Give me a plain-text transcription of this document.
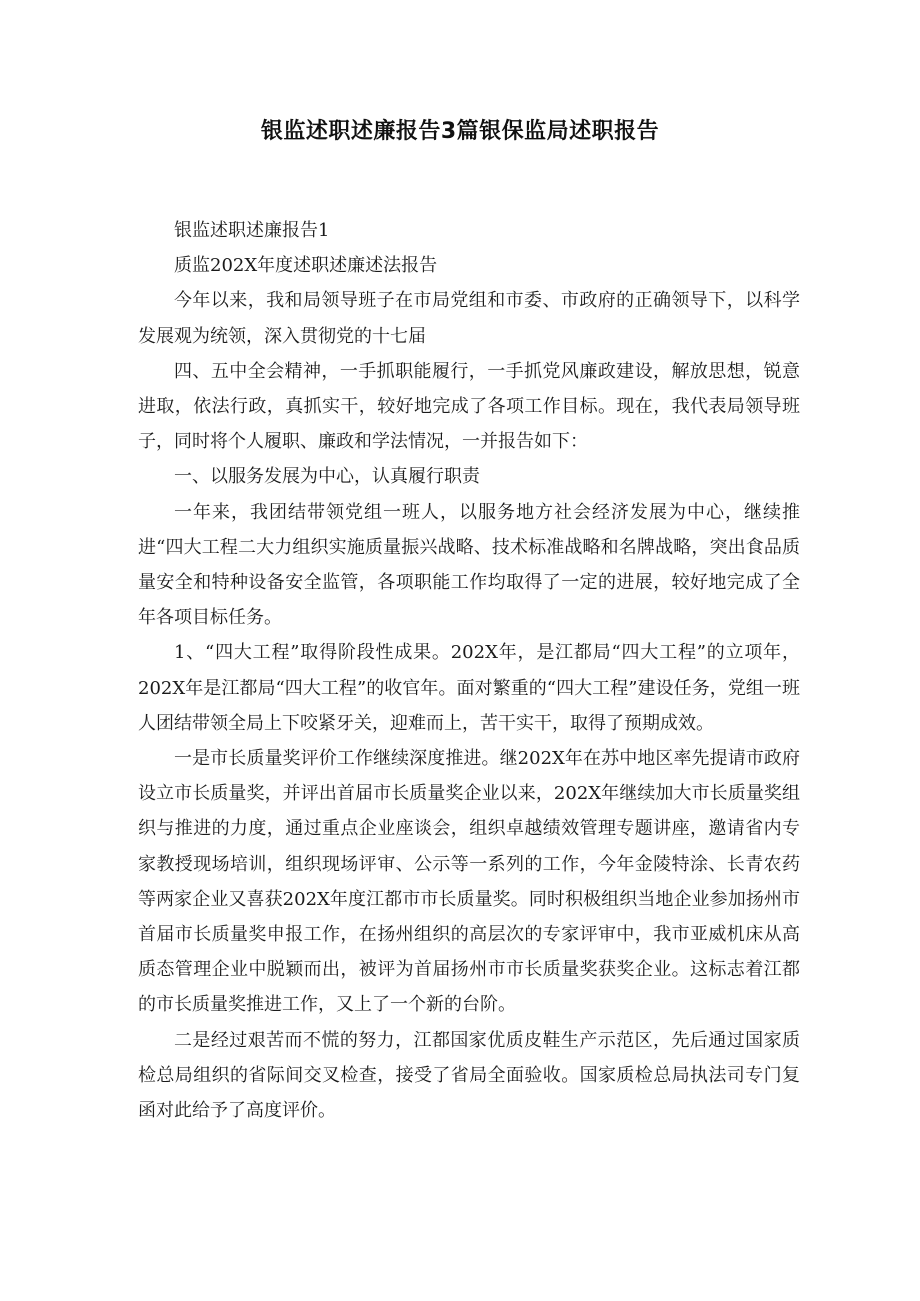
银监述职述廉报告3篇银保监局述职报告

银监述职述廉报告1

质监202X年度述职述廉述法报告

今年以来，我和局领导班子在市局党组和市委、市政府的正确领导下，以科学发展观为统领，深入贯彻党的十七届

四、五中全会精神，一手抓职能履行，一手抓党风廉政建设，解放思想，锐意进取，依法行政，真抓实干，较好地完成了各项工作目标。现在，我代表局领导班子，同时将个人履职、廉政和学法情况，一并报告如下：

一、以服务发展为中心，认真履行职责

一年来，我团结带领党组一班人，以服务地方社会经济发展为中心，继续推进“四大工程二大力组织实施质量振兴战略、技术标准战略和名牌战略，突出食品质量安全和特种设备安全监管，各项职能工作均取得了一定的进展，较好地完成了全年各项目标任务。

1、“四大工程”取得阶段性成果。202X年，是江都局“四大工程”的立项年，202X年是江都局“四大工程”的收官年。面对繁重的“四大工程”建设任务，党组一班人团结带领全局上下咬紧牙关，迎难而上，苦干实干，取得了预期成效。

一是市长质量奖评价工作继续深度推进。继202X年在苏中地区率先提请市政府设立市长质量奖，并评出首届市长质量奖企业以来，202X年继续加大市长质量奖组织与推进的力度，通过重点企业座谈会，组织卓越绩效管理专题讲座，邀请省内专家教授现场培训，组织现场评审、公示等一系列的工作，今年金陵特涂、长青农药等两家企业又喜获202X年度江都市市长质量奖。同时积极组织当地企业参加扬州市首届市长质量奖申报工作，在扬州组织的高层次的专家评审中，我市亚威机床从高质态管理企业中脱颖而出，被评为首届扬州市市长质量奖获奖企业。这标志着江都的市长质量奖推进工作，又上了一个新的台阶。

二是经过艰苦而不慌的努力，江都国家优质皮鞋生产示范区，先后通过国家质检总局组织的省际间交叉检查，接受了省局全面验收。国家质检总局执法司专门复函对此给予了高度评价。
